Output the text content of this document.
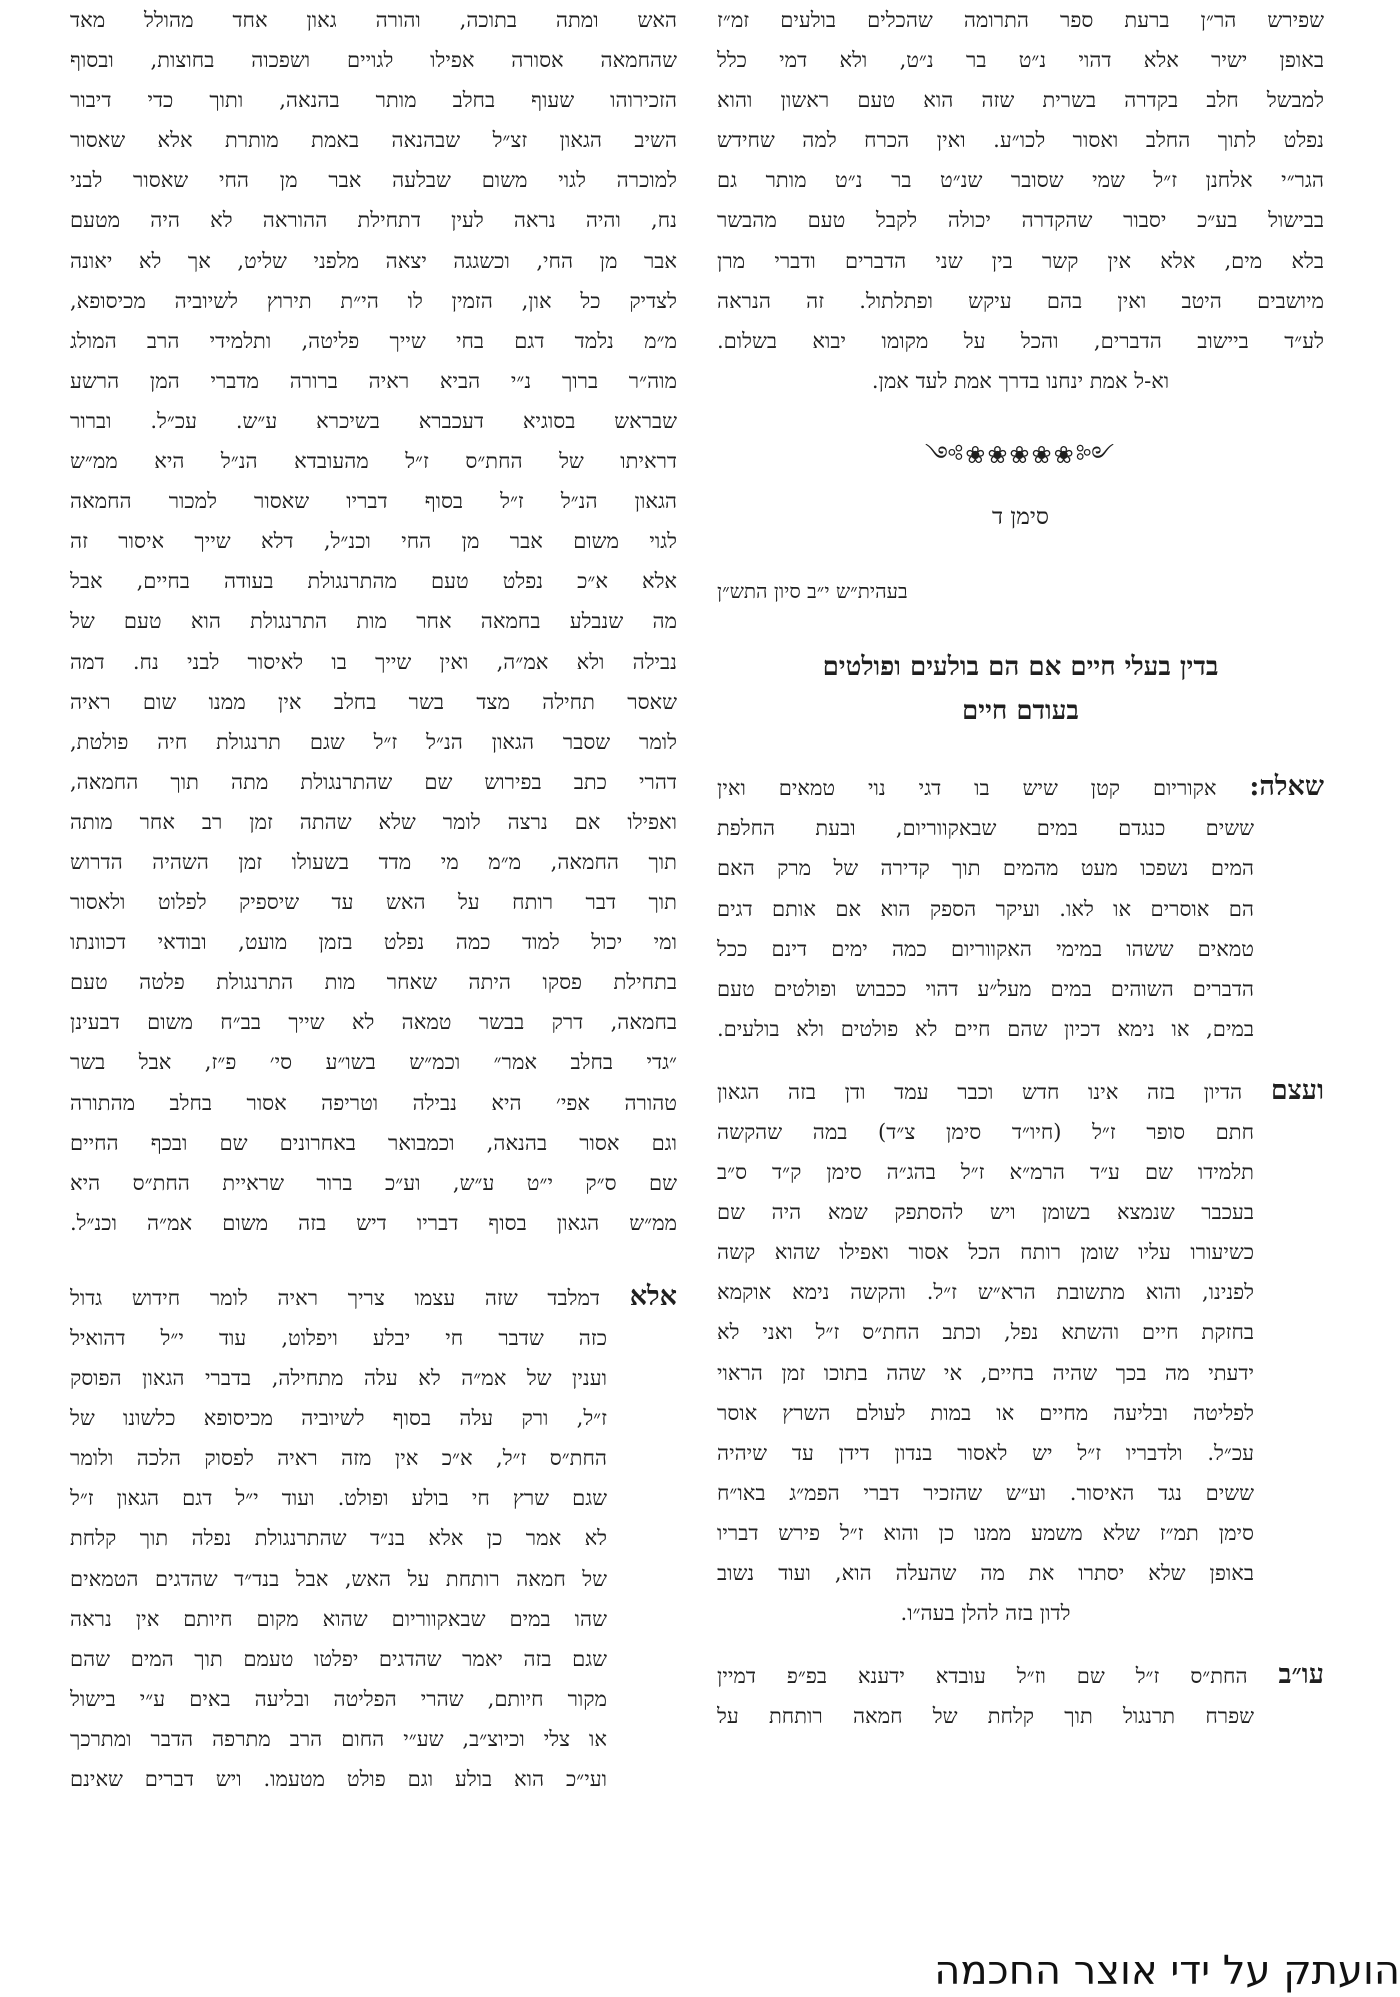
שפירש הר״ן ברעת ספר התרומה שהכלים בולעים זמ״ז

באופן ישיר אלא דהוי נ״ט בר נ״ט, ולא דמי כלל

למבשל חלב בקדרה בשרית שזה הוא טעם ראשון והוא

נפלט לתוך החלב ואסור לכו״ע. ואין הכרח למה שחידש

הגר״י אלחנן ז״ל שמי שסובר שנ״ט בר נ״ט מותר גם

בבישול בע״כ יסבור שהקדרה יכולה לקבל טעם מהבשר

בלא מים, אלא אין קשר בין שני הדברים ודברי מרן

מיושבים היטב ואין בהם עיקש ופתלתול. זה הנראה

לע״ד ביישוב הדברים, והכל על מקומו יבוא בשלום.

וא-ל אמת ינחנו בדרך אמת לעד אמן.

༺❀❀❀❀❀༻

סימן ד

בעהית״ש י״ב סיון התש״ן

בדין בעלי חיים אם הם בולעים ופולטים

בעודם חיים

שאלה: אקוריום קטן שיש בו דגי נוי טמאים ואין

ששים כנגדם במים שבאקווריום, ובעת החלפת

המים נשפכו מעט מהמים תוך קדירה של מרק האם

הם אוסרים או לאו. ועיקר הספק הוא אם אותם דגים

טמאים ששהו במימי האקווריום כמה ימים דינם ככל

הדברים השוהים במים מעל״ע דהוי ככבוש ופולטים טעם

במים, או נימא דכיון שהם חיים לא פולטים ולא בולעים.

ועצם הדיון בזה אינו חדש וכבר עמד ודן בזה הגאון

חתם סופר ז״ל (חיו״ד סימן צ״ד) במה שהקשה

תלמידו שם ע״ד הרמ״א ז״ל בהג״ה סימן ק״ד ס״ב

בעכבר שנמצא בשומן ויש להסתפק שמא היה שם

כשיעורו עליו שומן רותח הכל אסור ואפילו שהוא קשה

לפנינו, והוא מתשובת הרא״ש ז״ל. והקשה נימא אוקמא

בחזקת חיים והשתא נפל, וכתב החת״ס ז״ל ואני לא

ידעתי מה בכך שהיה בחיים, אי שהה בתוכו זמן הראוי

לפליטה ובליעה מחיים או במות לעולם השרץ אוסר

עכ״ל. ולדבריו ז״ל יש לאסור בנדון דידן עד שיהיה

ששים נגד האיסור. וע״ש שהזכיר דברי הפמ״ג באו״ח

סימן תמ״ז שלא משמע ממנו כן והוא ז״ל פירש דבריו

באופן שלא יסתרו את מה שהעלה הוא, ועוד נשוב

לדון בזה להלן בעה״ו.

עו״ב החת״ס ז״ל שם וז״ל עובדא ידענא בפ״פ דמיין

שפרח תרנגול תוך קלחת של חמאה רותחת על

האש ומתה בתוכה, והורה גאון אחד מהולל מאד

שהחמאה אסורה אפילו לגויים ושפכוה בחוצות, ובסוף

הזכירוהו שעוף בחלב מותר בהנאה, ותוך כדי דיבור

השיב הגאון זצ״ל שבהנאה באמת מותרת אלא שאסור

למוכרה לגוי משום שבלעה אבר מן החי שאסור לבני

נח, והיה נראה לעין דתחילת ההוראה לא היה מטעם

אבר מן החי, וכשגגה יצאה מלפני שליט, אך לא יאונה

לצדיק כל און, הזמין לו הי״ת תירוץ לשיוביה מכיסופא,

מ״מ נלמד דגם בחי שייך פליטה, ותלמידי הרב המולג

מוה״ר ברוך נ״י הביא ראיה ברורה מדברי המן הרשע

שבראש בסוגיא דעכברא בשיכרא ע״ש. עכ״ל. וברור

דראיתו של החת״ס ז״ל מהעובדא הנ״ל היא ממ״ש

הגאון הנ״ל ז״ל בסוף דבריו שאסור למכור החמאה

לגוי משום אבר מן החי וכנ״ל, דלא שייך איסור זה

אלא א״כ נפלט טעם מהתרנגולת בעודה בחיים, אבל

מה שנבלע בחמאה אחר מות התרנגולת הוא טעם של

נבילה ולא אמ״ה, ואין שייך בו לאיסור לבני נח. דמה

שאסר תחילה מצד בשר בחלב אין ממנו שום ראיה

לומר שסבר הגאון הנ״ל ז״ל שגם תרנגולת חיה פולטת,

דהרי כתב בפירוש שם שהתרנגולת מתה תוך החמאה,

ואפילו אם נרצה לומר שלא שהתה זמן רב אחר מותה

תוך החמאה, מ״מ מי מדד בשעולו זמן השהיה הדרוש

תוך דבר רותח על האש עד שיספיק לפלוט ולאסור

ומי יכול למוד כמה נפלט בזמן מועט, ובודאי דכוונתו

בתחילת פסקו היתה שאחר מות התרנגולת פלטה טעם

בחמאה, דרק בבשר טמאה לא שייך בב״ח משום דבעינן

״גדי בחלב אמר״ וכמ״ש בשו״ע סי׳ פ״ז, אבל בשר

טהורה אפי׳ היא נבילה וטריפה אסור בחלב מהתורה

וגם אסור בהנאה, וכמבואר באחרונים שם ובכף החיים

שם ס״ק י״ט ע״ש, וע״כ ברור שראיית החת״ס היא

ממ״ש הגאון בסוף דבריו דיש בזה משום אמ״ה וכנ״ל.

אלא דמלבד שזה עצמו צריך ראיה לומר חידוש גדול

כזה שדבר חי יבלע ויפלוט, עוד י״ל דהואיל

וענין של אמ״ה לא עלה מתחילה, בדברי הגאון הפוסק

ז״ל, ורק עלה בסוף לשיוביה מכיסופא כלשונו של

החת״ס ז״ל, א״כ אין מזה ראיה לפסוק הלכה ולומר

שגם שרץ חי בולע ופולט. ועוד י״ל דגם הגאון ז״ל

לא אמר כן אלא בנ״ד שהתרנגולת נפלה תוך קלחת

של חמאה רותחת על האש, אבל בנד״ד שהדגים הטמאים

שהו במים שבאקווריום שהוא מקום חיותם אין נראה

שגם בזה יאמר שהדגים יפלטו טעמם תוך המים שהם

מקור חיותם, שהרי הפליטה ובליעה באים ע״י בישול

או צלי וכיוצ״ב, שע״י החום הרב מתרפה הדבר ומתרכך

ועי״כ הוא בולע וגם פולט מטעמו. ויש דברים שאינם

הועתק על ידי אוצר החכמה
